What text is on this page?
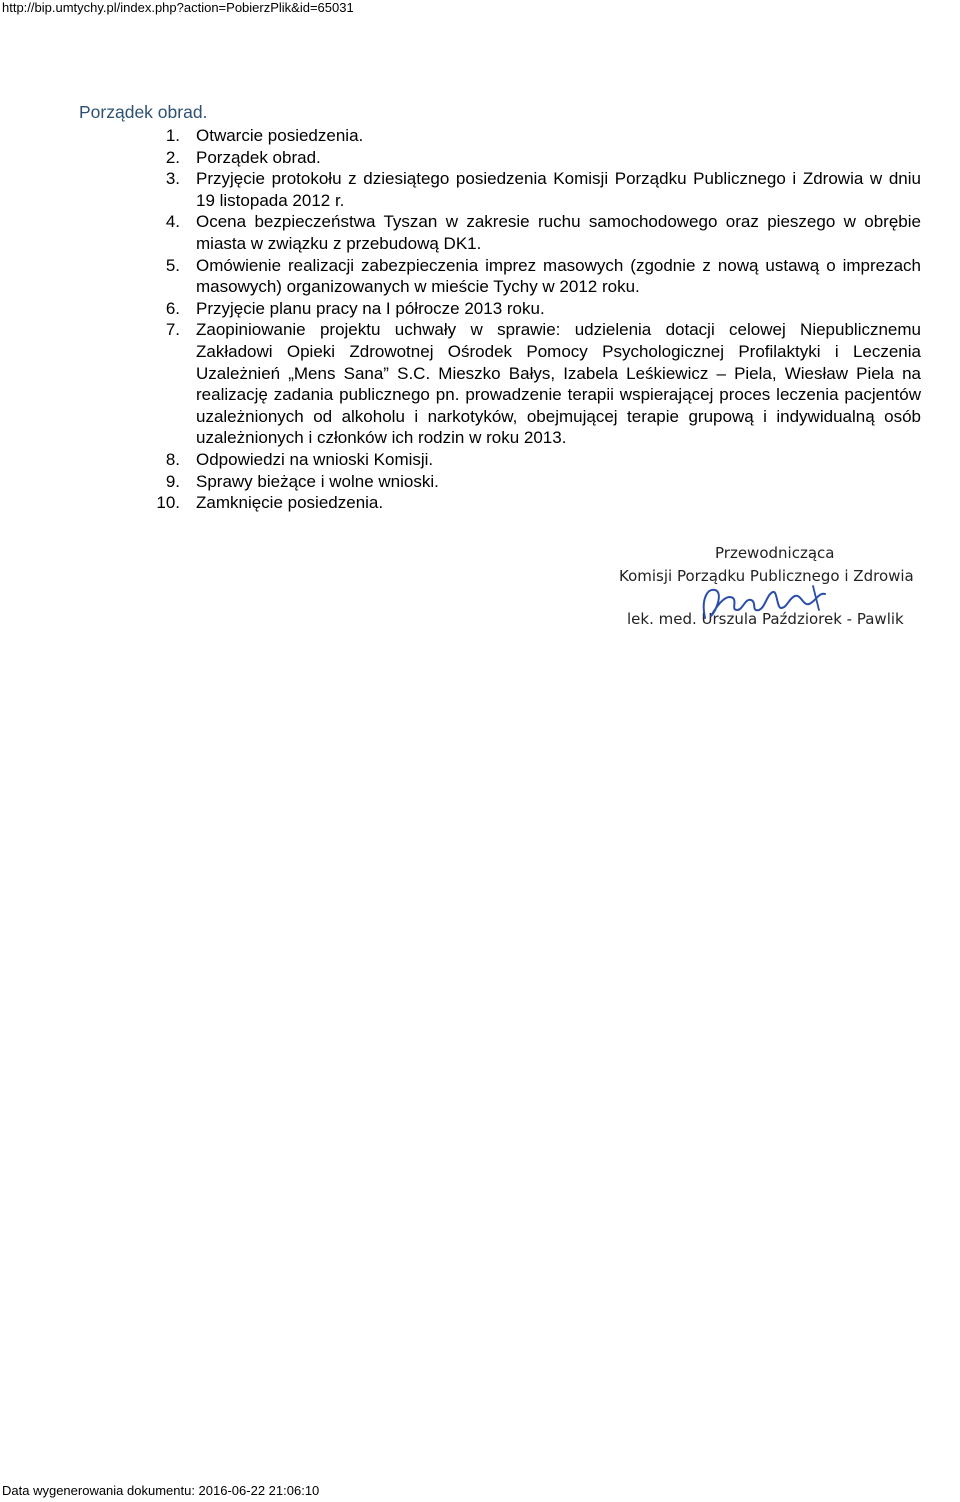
http://bip.umtychy.pl/index.php?action=PobierzPlik&id=65031
Porządek obrad.
1. Otwarcie posiedzenia.
2. Porządek obrad.
3. Przyjęcie protokołu z dziesiątego posiedzenia Komisji Porządku Publicznego i Zdrowia w dniu 19 listopada 2012 r.
4. Ocena bezpieczeństwa Tyszan w zakresie ruchu samochodowego oraz pieszego w obrębie miasta w związku z przebudową DK1.
5. Omówienie realizacji zabezpieczenia imprez masowych (zgodnie z nową ustawą o imprezach masowych) organizowanych w mieście Tychy w 2012 roku.
6. Przyjęcie planu pracy na I półrocze 2013 roku.
7. Zaopiniowanie projektu uchwały w sprawie: udzielenia dotacji celowej Niepublicznemu Zakładowi Opieki Zdrowotnej Ośrodek Pomocy Psychologicznej Profilaktyki i Leczenia Uzależnień „Mens Sana” S.C. Mieszko Bałys, Izabela Leśkiewicz – Piela, Wiesław Piela na realizację zadania publicznego pn. prowadzenie terapii wspierającej proces leczenia pacjentów uzależnionych od alkoholu i narkotyków, obejmującej terapie grupową i indywidualną osób uzależnionych i członków ich rodzin w roku 2013.
8. Odpowiedzi na wnioski Komisji.
9. Sprawy bieżące i wolne wnioski.
10. Zamknięcie posiedzenia.
Przewodnicząca
Komisji Porządku Publicznego i Zdrowia
lek. med. Urszula Paździorek - Pawlik
Data wygenerowania dokumentu: 2016-06-22 21:06:10
